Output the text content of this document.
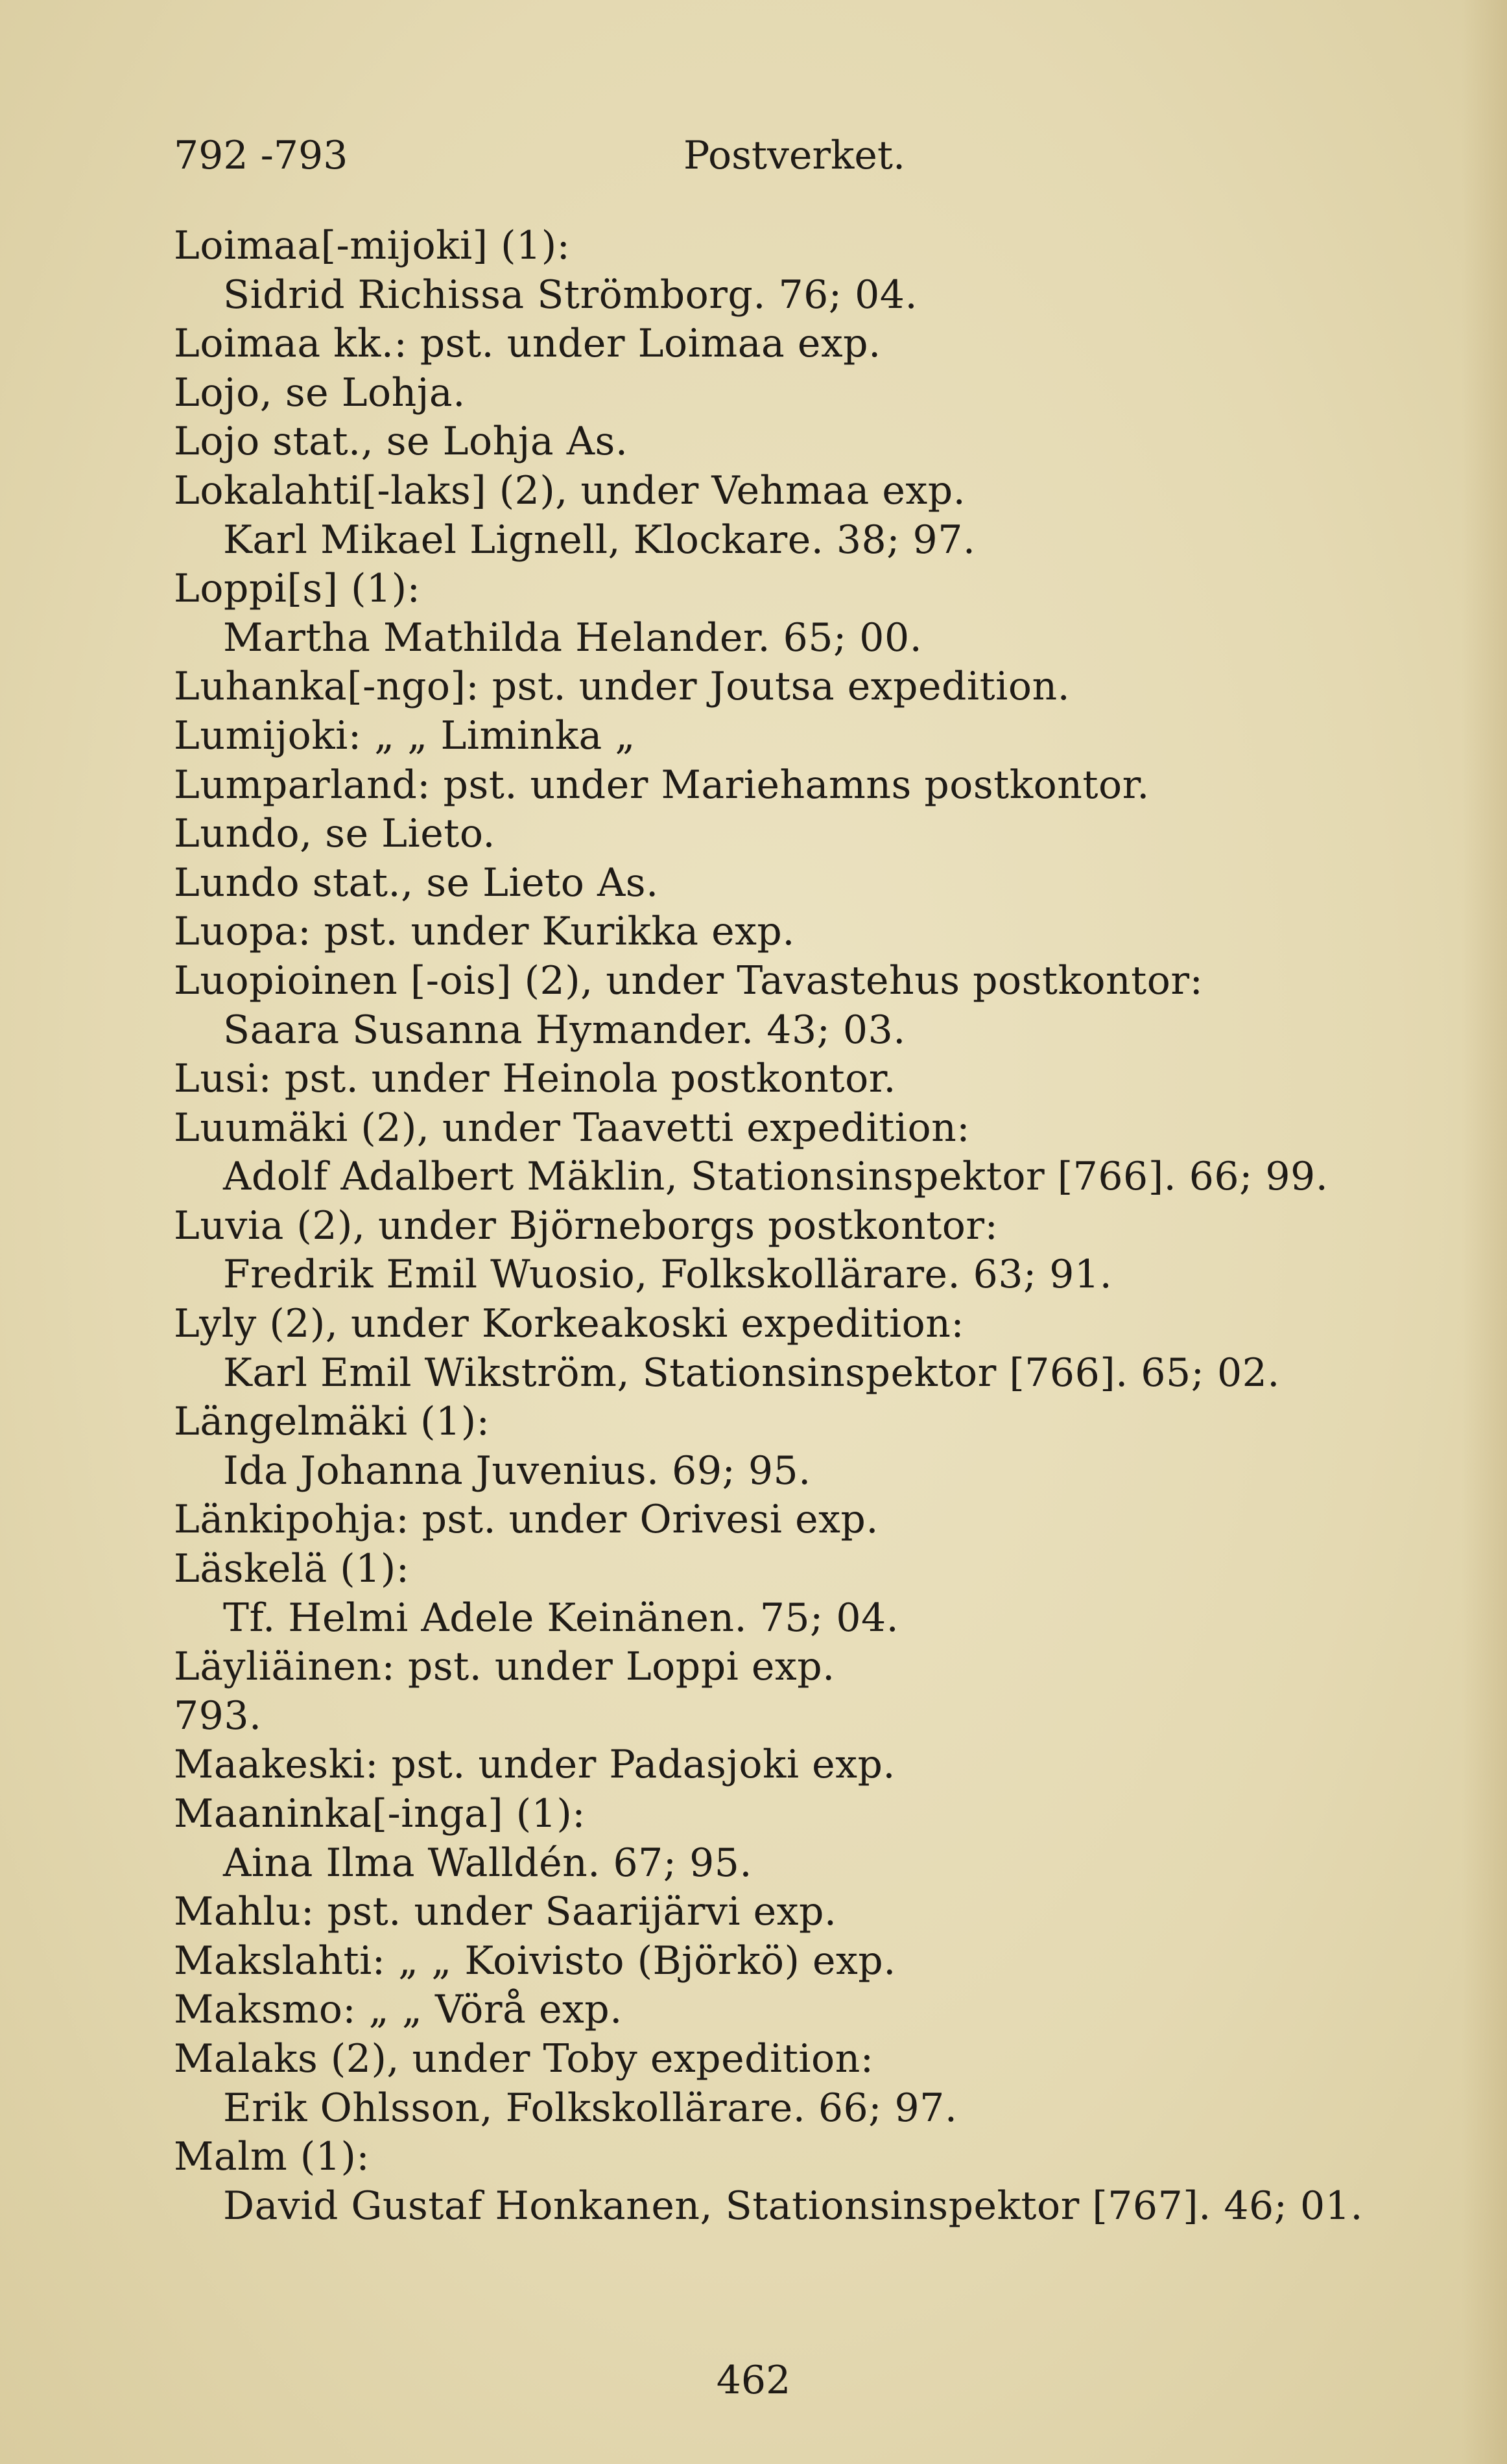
792 -793	Postverket.
Loimaa[-mijoki] (1):
Sidrid Richissa Strömborg. 76; 04.
Loimaa kk.: pst. under Loimaa exp.
Lojo, se Lohja.
Lojo stat., se Lohja As.
Lokalahti[-laks] (2), under Vehmaa exp.
Karl Mikael Lignell, Klockare. 38; 97.
Loppi[s] (1):
Martha Mathilda Helander. 65; 00.
Luhanka[-ngo]: pst. under Joutsa expedition.
Lumijoki: „ „ Liminka „
Lumparland: pst. under Mariehamns postkontor.
Lundo, se Lieto.
Lundo stat., se Lieto As.
Luopa: pst. under Kurikka exp.
Luopioinen [-ois] (2), under Tavastehus postkontor:
Saara Susanna Hymander. 43; 03.
Lusi: pst. under Heinola postkontor.
Luumäki (2), under Taavetti expedition:
Adolf Adalbert Mäklin, Stationsinspektor [766]. 66; 99.
Luvia (2), under Björneborgs postkontor:
Fredrik Emil Wuosio, Folkskollärare. 63; 91.
Lyly (2), under Korkeakoski expedition:
Karl Emil Wikström, Stationsinspektor [766]. 65; 02.
Längelmäki (1):
Ida Johanna Juvenius. 69; 95.
Länkipohja: pst. under Orivesi exp.
Läskelä (1):
Tf. Helmi Adele Keinänen. 75; 04.
Läyliäinen: pst. under Loppi exp.
793.
Maakeski: pst. under Padasjoki exp.
Maaninka[-inga] (1):
Aina Ilma Walldén. 67; 95.
Mahlu: pst. under Saarijärvi exp.
Makslahti: „ „ Koivisto (Björkö) exp.
Maksmo: „ „ Vörå exp.
Malaks (2), under Toby expedition:
Erik Ohlsson, Folkskollärare. 66; 97.
Malm (1):
David Gustaf Honkanen, Stationsinspektor [767]. 46; 01.
462
